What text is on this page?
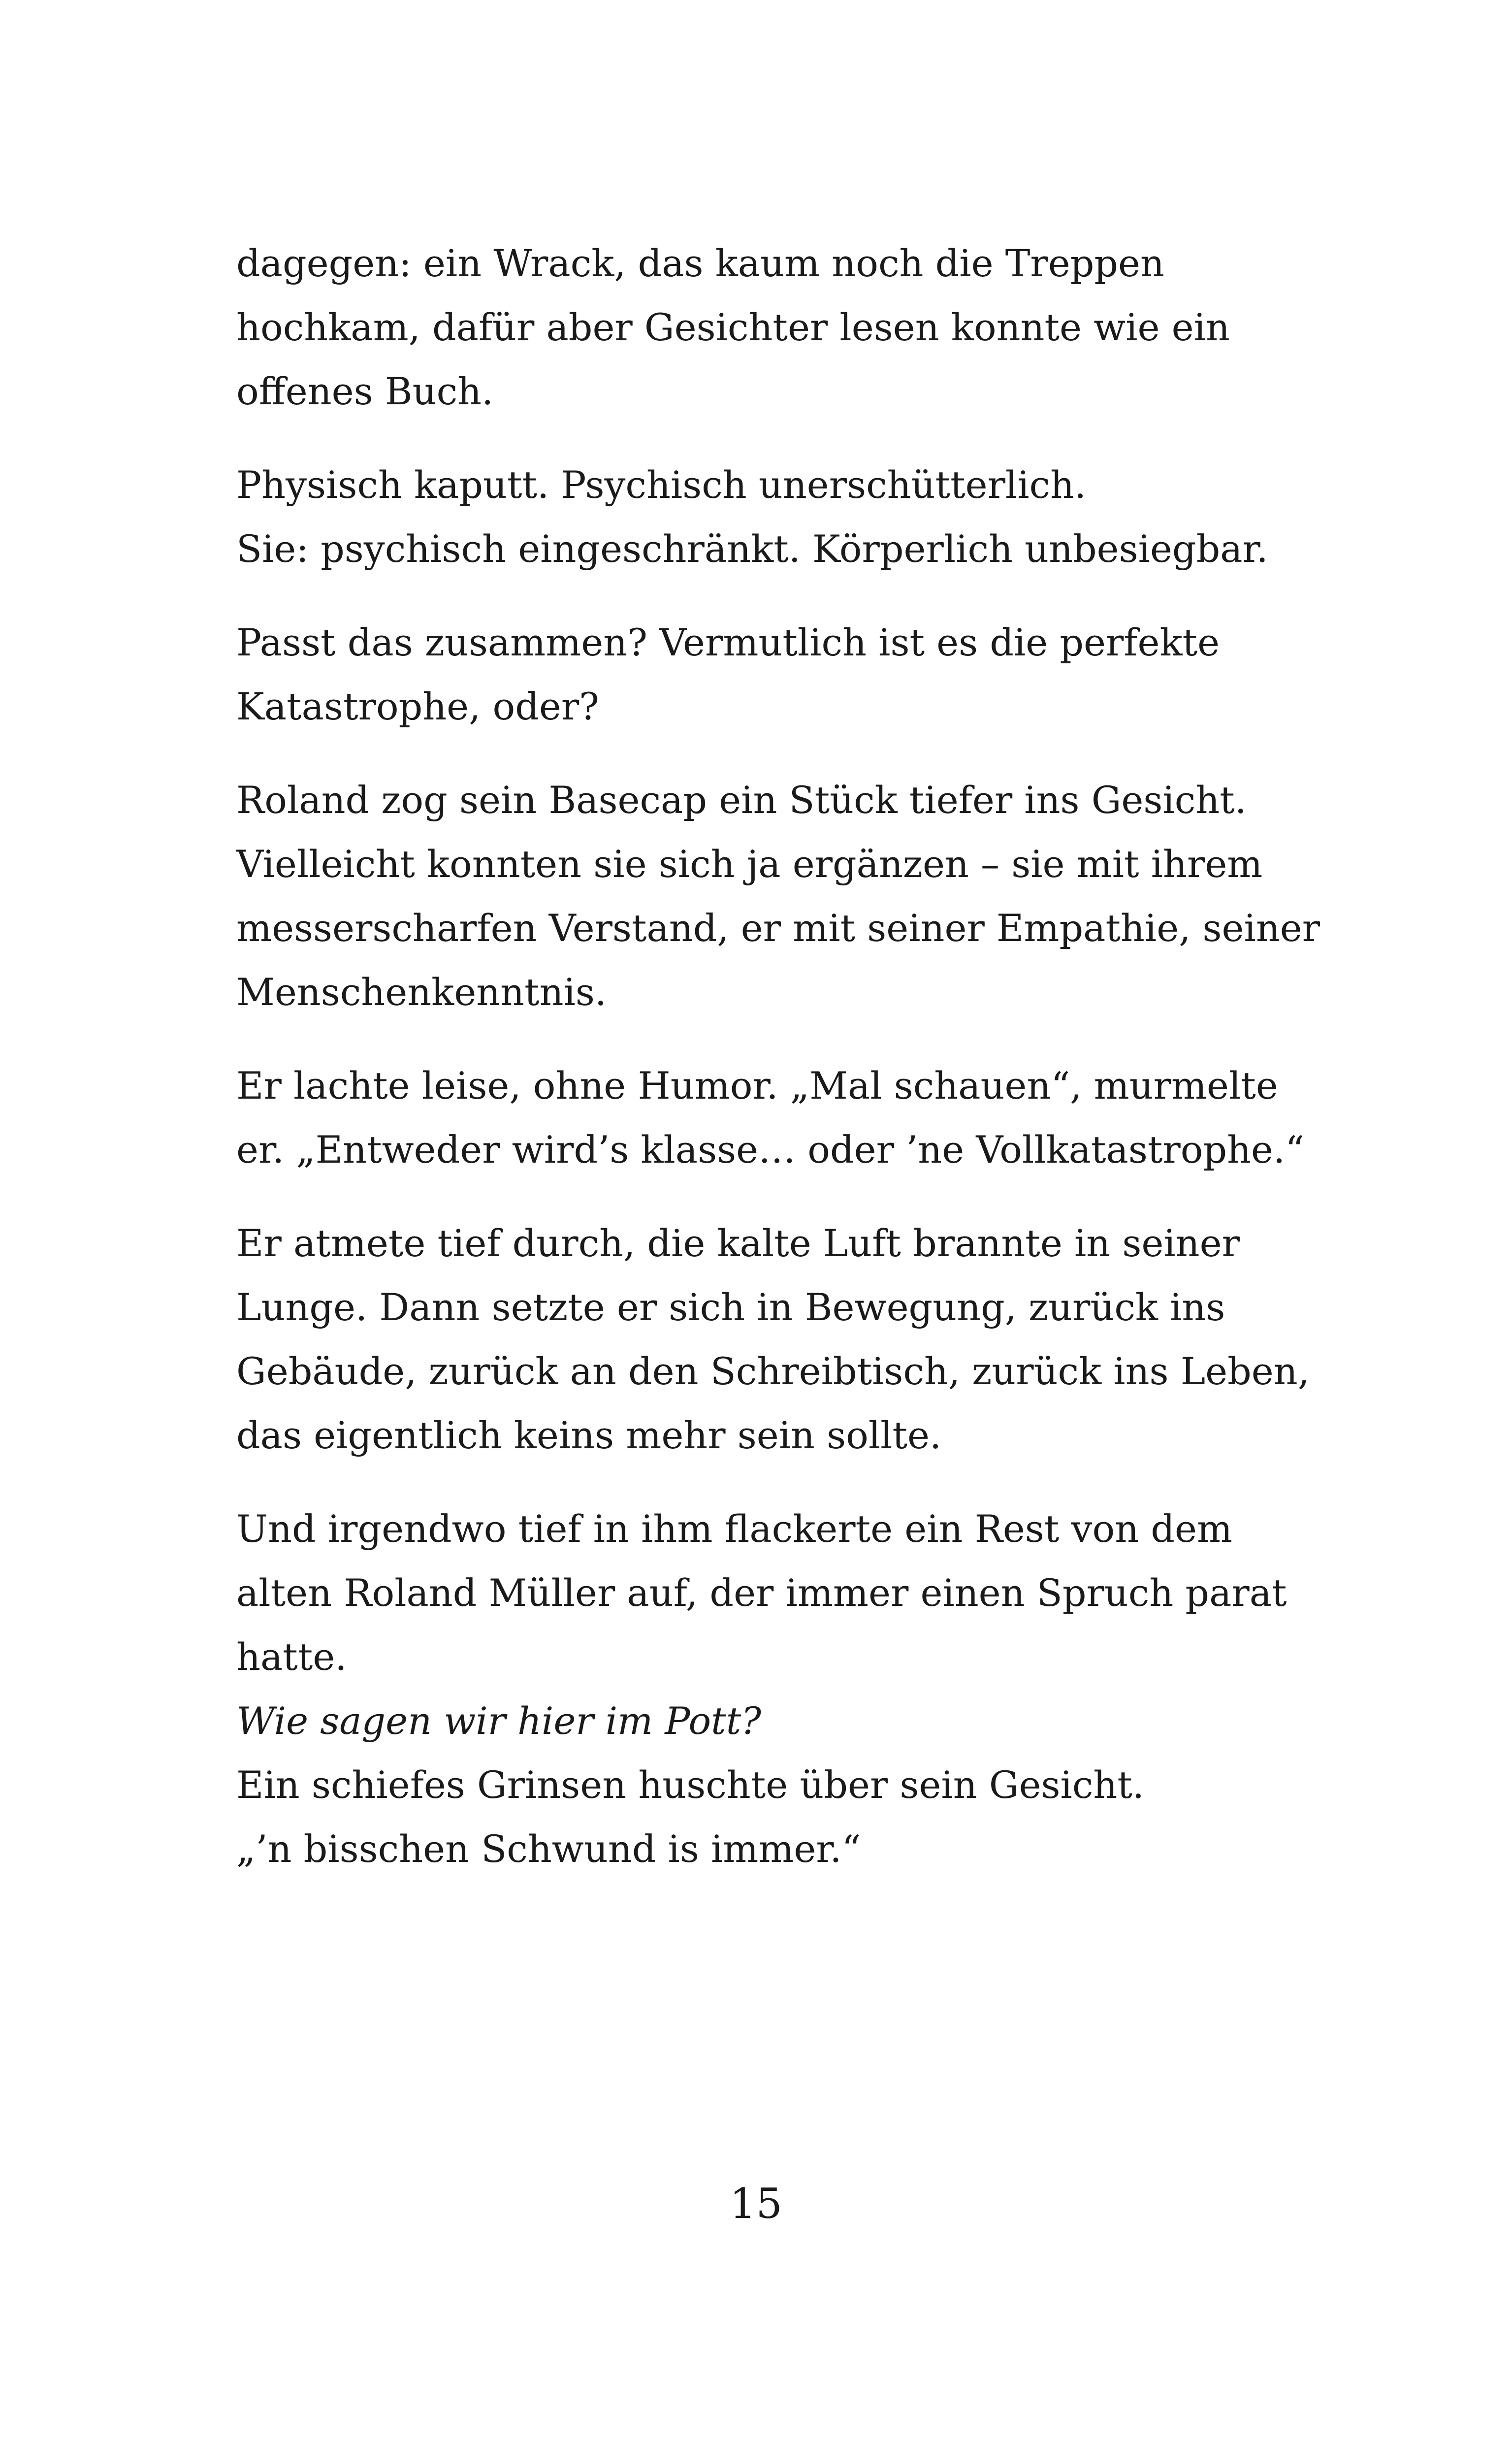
dagegen: ein Wrack, das kaum noch die Treppen
hochkam, dafür aber Gesichter lesen konnte wie ein
offenes Buch.

Physisch kaputt. Psychisch unerschütterlich.
Sie: psychisch eingeschränkt. Körperlich unbesiegbar.

Passt das zusammen? Vermutlich ist es die perfekte
Katastrophe, oder?

Roland zog sein Basecap ein Stück tiefer ins Gesicht.
Vielleicht konnten sie sich ja ergänzen – sie mit ihrem
messerscharfen Verstand, er mit seiner Empathie, seiner
Menschenkenntnis.

Er lachte leise, ohne Humor. „Mal schauen“, murmelte
er. „Entweder wird’s klasse… oder ’ne Vollkatastrophe.“

Er atmete tief durch, die kalte Luft brannte in seiner
Lunge. Dann setzte er sich in Bewegung, zurück ins
Gebäude, zurück an den Schreibtisch, zurück ins Leben,
das eigentlich keins mehr sein sollte.

Und irgendwo tief in ihm flackerte ein Rest von dem
alten Roland Müller auf, der immer einen Spruch parat
hatte.
Wie sagen wir hier im Pott?
Ein schiefes Grinsen huschte über sein Gesicht.
„’n bisschen Schwund is immer.“

15
